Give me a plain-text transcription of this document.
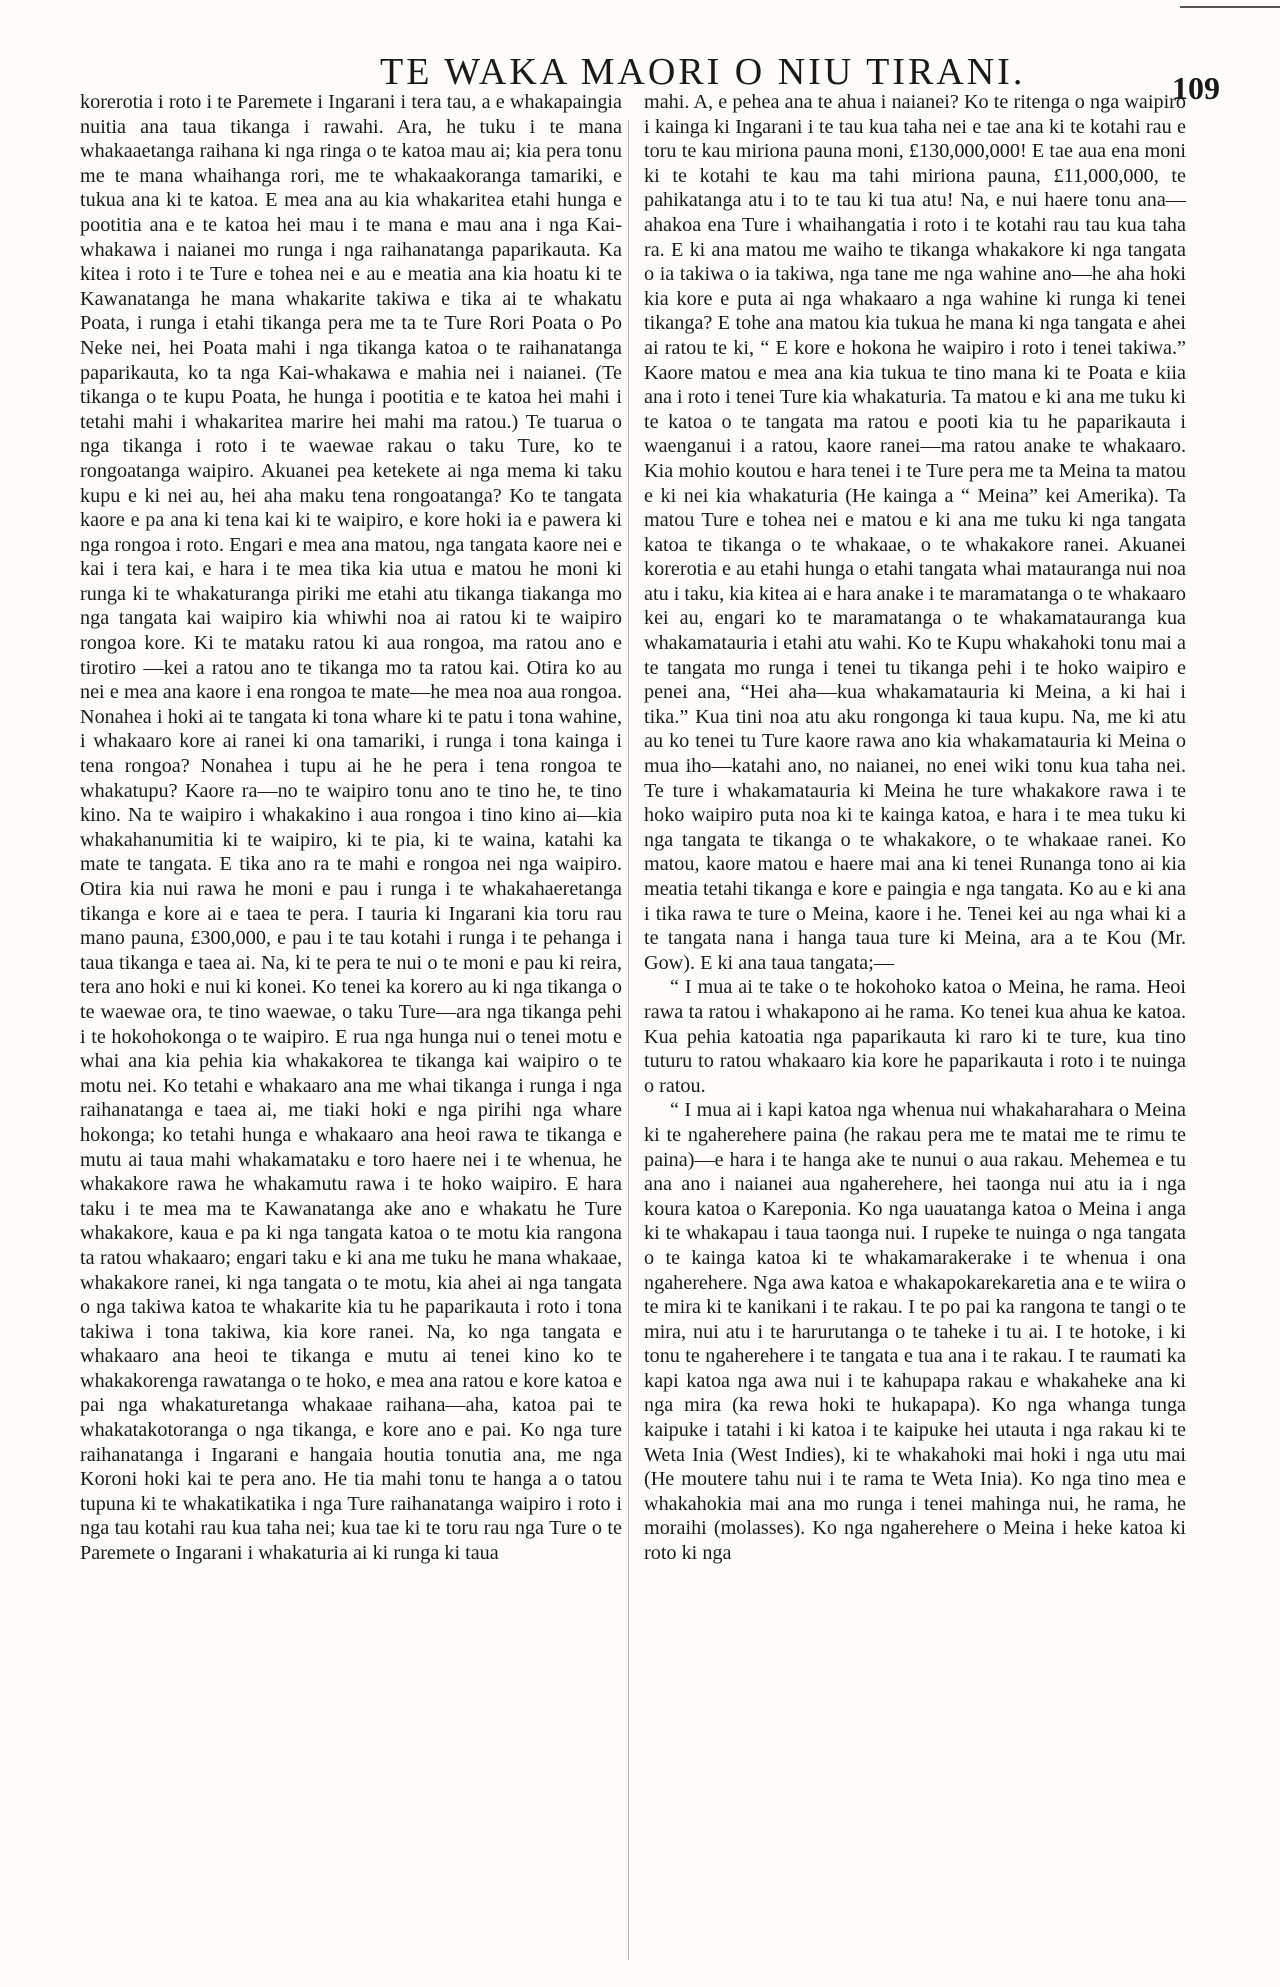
TE WAKA MAORI O NIU TIRANI.	109

korerotia i roto i te Paremete i Ingarani i tera tau, a e whakapaingia nuitia ana taua tikanga i rawahi. Ara, he tuku i te mana whakaaetanga raihana ki nga ringa o te katoa mau ai; kia pera tonu me te mana whaihanga rori, me te whakaakoranga tamariki, e tukua ana ki te katoa. E mea ana au kia whakaritea etahi hunga e pootitia ana e te katoa hei mau i te mana e mau ana i nga Kai-whakawa i naianei mo runga i nga raihanatanga paparikauta. Ka kitea i roto i te Ture e tohea nei e au e meatia ana kia hoatu ki te Kawanatanga he mana whakarite takiwa e tika ai te whakatu Poata, i runga i etahi tikanga pera me ta te Ture Rori Poata o Po Neke nei, hei Poata mahi i nga tikanga katoa o te raihanatanga paparikauta, ko ta nga Kai-whakawa e mahia nei i naianei. (Te tikanga o te kupu Poata, he hunga i pootitia e te katoa hei mahi i tetahi mahi i whakaritea marire hei mahi ma ratou.) Te tuarua o nga tikanga i roto i te waewae rakau o taku Ture, ko te rongoatanga waipiro. Akuanei pea ketekete ai nga mema ki taku kupu e ki nei au, hei aha maku tena rongoatanga? Ko te tangata kaore e pa ana ki tena kai ki te waipiro, e kore hoki ia e pawera ki nga rongoa i roto. Engari e mea ana matou, nga tangata kaore nei e kai i tera kai, e hara i te mea tika kia utua e matou he moni ki runga ki te whakaturanga piriki me etahi atu tikanga tiakanga mo nga tangata kai waipiro kia whiwhi noa ai ratou ki te waipiro rongoa kore. Ki te mataku ratou ki aua rongoa, ma ratou ano e tirotiro —kei a ratou ano te tikanga mo ta ratou kai. Otira ko au nei e mea ana kaore i ena rongoa te mate—he mea noa aua rongoa. Nonahea i hoki ai te tangata ki tona whare ki te patu i tona wahine, i whakaaro kore ai ranei ki ona tamariki, i runga i tona kainga i tena rongoa? Nonahea i tupu ai he he pera i tena rongoa te whakatupu? Kaore ra—no te waipiro tonu ano te tino he, te tino kino. Na te waipiro i whakakino i aua rongoa i tino kino ai—kia whakahanumitia ki te waipiro, ki te pia, ki te waina, katahi ka mate te tangata. E tika ano ra te mahi e rongoa nei nga waipiro. Otira kia nui rawa he moni e pau i runga i te whakahaeretanga tikanga e kore ai e taea te pera. I tauria ki Ingarani kia toru rau mano pauna, £300,000, e pau i te tau kotahi i runga i te pehanga i taua tikanga e taea ai. Na, ki te pera te nui o te moni e pau ki reira, tera ano hoki e nui ki konei. Ko tenei ka korero au ki nga tikanga o te waewae ora, te tino waewae, o taku Ture—ara nga tikanga pehi i te hokohokonga o te waipiro. E rua nga hunga nui o tenei motu e whai ana kia pehia kia whakakorea te tikanga kai waipiro o te motu nei. Ko tetahi e whakaaro ana me whai tikanga i runga i nga raihanatanga e taea ai, me tiaki hoki e nga pirihi nga whare hokonga; ko tetahi hunga e whakaaro ana heoi rawa te tikanga e mutu ai taua mahi whakamataku e toro haere nei i te whenua, he whakakore rawa he whakamutu rawa i te hoko waipiro. E hara taku i te mea ma te Kawanatanga ake ano e whakatu he Ture whakakore, kaua e pa ki nga tangata katoa o te motu kia rangona ta ratou whakaaro; engari taku e ki ana me tuku he mana whakaae, whakakore ranei, ki nga tangata o te motu, kia ahei ai nga tangata o nga takiwa katoa te whakarite kia tu he paparikauta i roto i tona takiwa i tona takiwa, kia kore ranei. Na, ko nga tangata e whakaaro ana heoi te tikanga e mutu ai tenei kino ko te whakakorenga rawatanga o te hoko, e mea ana ratou e kore katoa e pai nga whakaturetanga whakaae raihana—aha, katoa pai te whakatakotoranga o nga tikanga, e kore ano e pai. Ko nga ture raihanatanga i Ingarani e hangaia houtia tonutia ana, me nga Koroni hoki kai te pera ano. He tia mahi tonu te hanga a o tatou tupuna ki te whakatikatika i nga Ture raihanatanga waipiro i roto i nga tau kotahi rau kua taha nei; kua tae ki te toru rau nga Ture o te Paremete o Ingarani i whakaturia ai ki runga ki taua

mahi. A, e pehea ana te ahua i naianei? Ko te ritenga o nga waipiro i kainga ki Ingarani i te tau kua taha nei e tae ana ki te kotahi rau e toru te kau miriona pauna moni, £130,000,000! E tae aua ena moni ki te kotahi te kau ma tahi miriona pauna, £11,000,000, te pahikatanga atu i to te tau ki tua atu! Na, e nui haere tonu ana—ahakoa ena Ture i whaihangatia i roto i te kotahi rau tau kua taha ra. E ki ana matou me waiho te tikanga whakakore ki nga tangata o ia takiwa o ia takiwa, nga tane me nga wahine ano—he aha hoki kia kore e puta ai nga whakaaro a nga wahine ki runga ki tenei tikanga? E tohe ana matou kia tukua he mana ki nga tangata e ahei ai ratou te ki, “ E kore e hokona he waipiro i roto i tenei takiwa.” Kaore matou e mea ana kia tukua te tino mana ki te Poata e kiia ana i roto i tenei Ture kia whakaturia. Ta matou e ki ana me tuku ki te katoa o te tangata ma ratou e pooti kia tu he paparikauta i waenganui i a ratou, kaore ranei—ma ratou anake te whakaaro. Kia mohio koutou e hara tenei i te Ture pera me ta Meina ta matou e ki nei kia whakaturia (He kainga a “ Meina” kei Amerika). Ta matou Ture e tohea nei e matou e ki ana me tuku ki nga tangata katoa te tikanga o te whakaae, o te whakakore ranei. Akuanei korerotia e au etahi hunga o etahi tangata whai matauranga nui noa atu i taku, kia kitea ai e hara anake i te maramatanga o te whakaaro kei au, engari ko te maramatanga o te whakamatauranga kua whakamatauria i etahi atu wahi. Ko te Kupu whakahoki tonu mai a te tangata mo runga i tenei tu tikanga pehi i te hoko waipiro e penei ana, “Hei aha—kua whakamatauria ki Meina, a ki hai i tika.” Kua tini noa atu aku rongonga ki taua kupu. Na, me ki atu au ko tenei tu Ture kaore rawa ano kia whakamatauria ki Meina o mua iho—katahi ano, no naianei, no enei wiki tonu kua taha nei. Te ture i whakamatauria ki Meina he ture whakakore rawa i te hoko waipiro puta noa ki te kainga katoa, e hara i te mea tuku ki nga tangata te tikanga o te whakakore, o te whakaae ranei. Ko matou, kaore matou e haere mai ana ki tenei Runanga tono ai kia meatia tetahi tikanga e kore e paingia e nga tangata. Ko au e ki ana i tika rawa te ture o Meina, kaore i he. Tenei kei au nga whai ki a te tangata nana i hanga taua ture ki Meina, ara a te Kou (Mr. Gow). E ki ana taua tangata;—

“ I mua ai te take o te hokohoko katoa o Meina, he rama. Heoi rawa ta ratou i whakapono ai he rama. Ko tenei kua ahua ke katoa. Kua pehia katoatia nga paparikauta ki raro ki te ture, kua tino tuturu to ratou whakaaro kia kore he paparikauta i roto i te nuinga o ratou.

“ I mua ai i kapi katoa nga whenua nui whakaharahara o Meina ki te ngaherehere paina (he rakau pera me te matai me te rimu te paina)—e hara i te hanga ake te nunui o aua rakau. Mehemea e tu ana ano i naianei aua ngaherehere, hei taonga nui atu ia i nga koura katoa o Kareponia. Ko nga uauatanga katoa o Meina i anga ki te whakapau i taua taonga nui. I rupeke te nuinga o nga tangata o te kainga katoa ki te whakamarakerake i te whenua i ona ngaherehere. Nga awa katoa e whakapokarekaretia ana e te wiira o te mira ki te kanikani i te rakau. I te po pai ka rangona te tangi o te mira, nui atu i te harurutanga o te taheke i tu ai. I te hotoke, i ki tonu te ngaherehere i te tangata e tua ana i te rakau. I te raumati ka kapi katoa nga awa nui i te kahupapa rakau e whakaheke ana ki nga mira (ka rewa hoki te hukapapa). Ko nga whanga tunga kaipuke i tatahi i ki katoa i te kaipuke hei utauta i nga rakau ki te Weta Inia (West Indies), ki te whakahoki mai hoki i nga utu mai (He moutere tahu nui i te rama te Weta Inia). Ko nga tino mea e whakahokia mai ana mo runga i tenei mahinga nui, he rama, he moraihi (molasses). Ko nga ngaherehere o Meina i heke katoa ki roto ki nga
